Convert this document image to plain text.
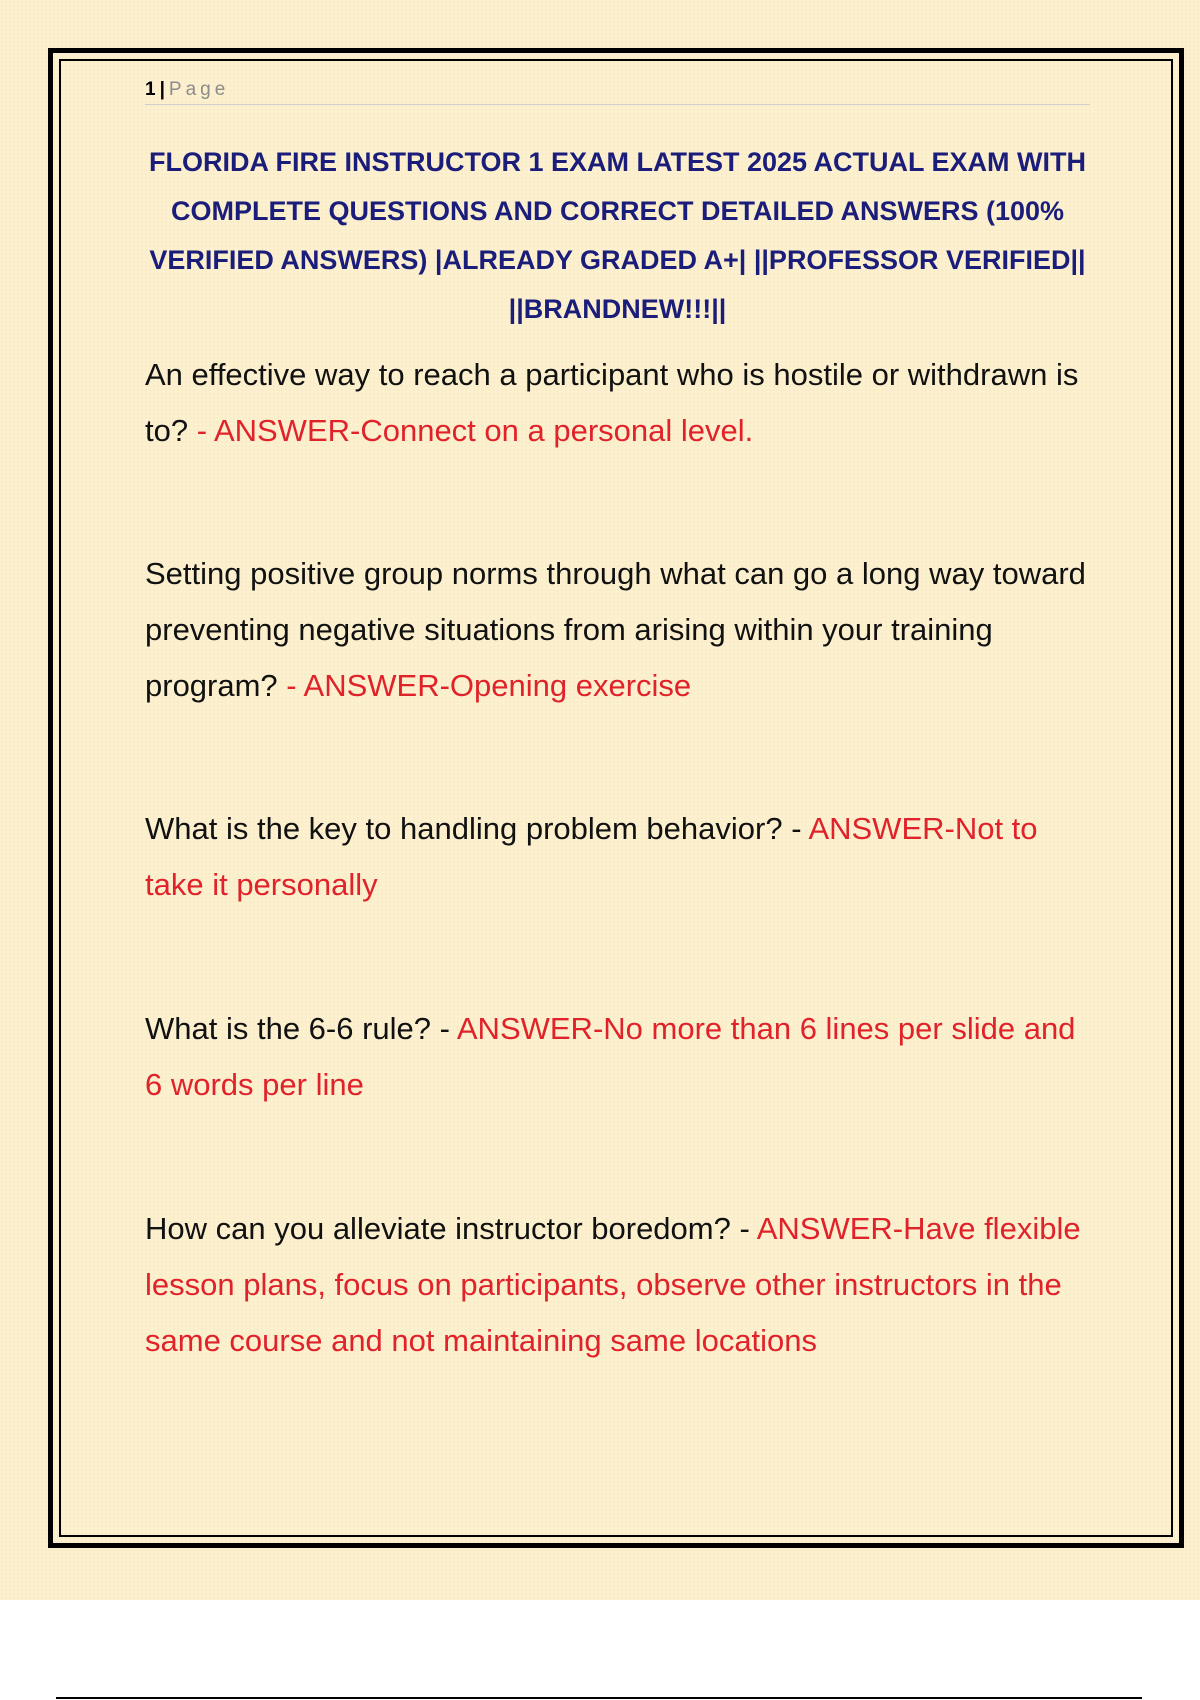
1 | Page
FLORIDA FIRE INSTRUCTOR 1 EXAM LATEST 2025 ACTUAL EXAM WITH COMPLETE QUESTIONS AND CORRECT DETAILED ANSWERS (100% VERIFIED ANSWERS) |ALREADY GRADED A+| ||PROFESSOR VERIFIED|| ||BRANDNEW!!!||

An effective way to reach a participant who is hostile or withdrawn is to? - ANSWER-Connect on a personal level.

Setting positive group norms through what can go a long way toward preventing negative situations from arising within your training program? - ANSWER-Opening exercise

What is the key to handling problem behavior? - ANSWER-Not to take it personally

What is the 6-6 rule? - ANSWER-No more than 6 lines per slide and 6 words per line

How can you alleviate instructor boredom? - ANSWER-Have flexible lesson plans, focus on participants, observe other instructors in the same course and not maintaining same locations
